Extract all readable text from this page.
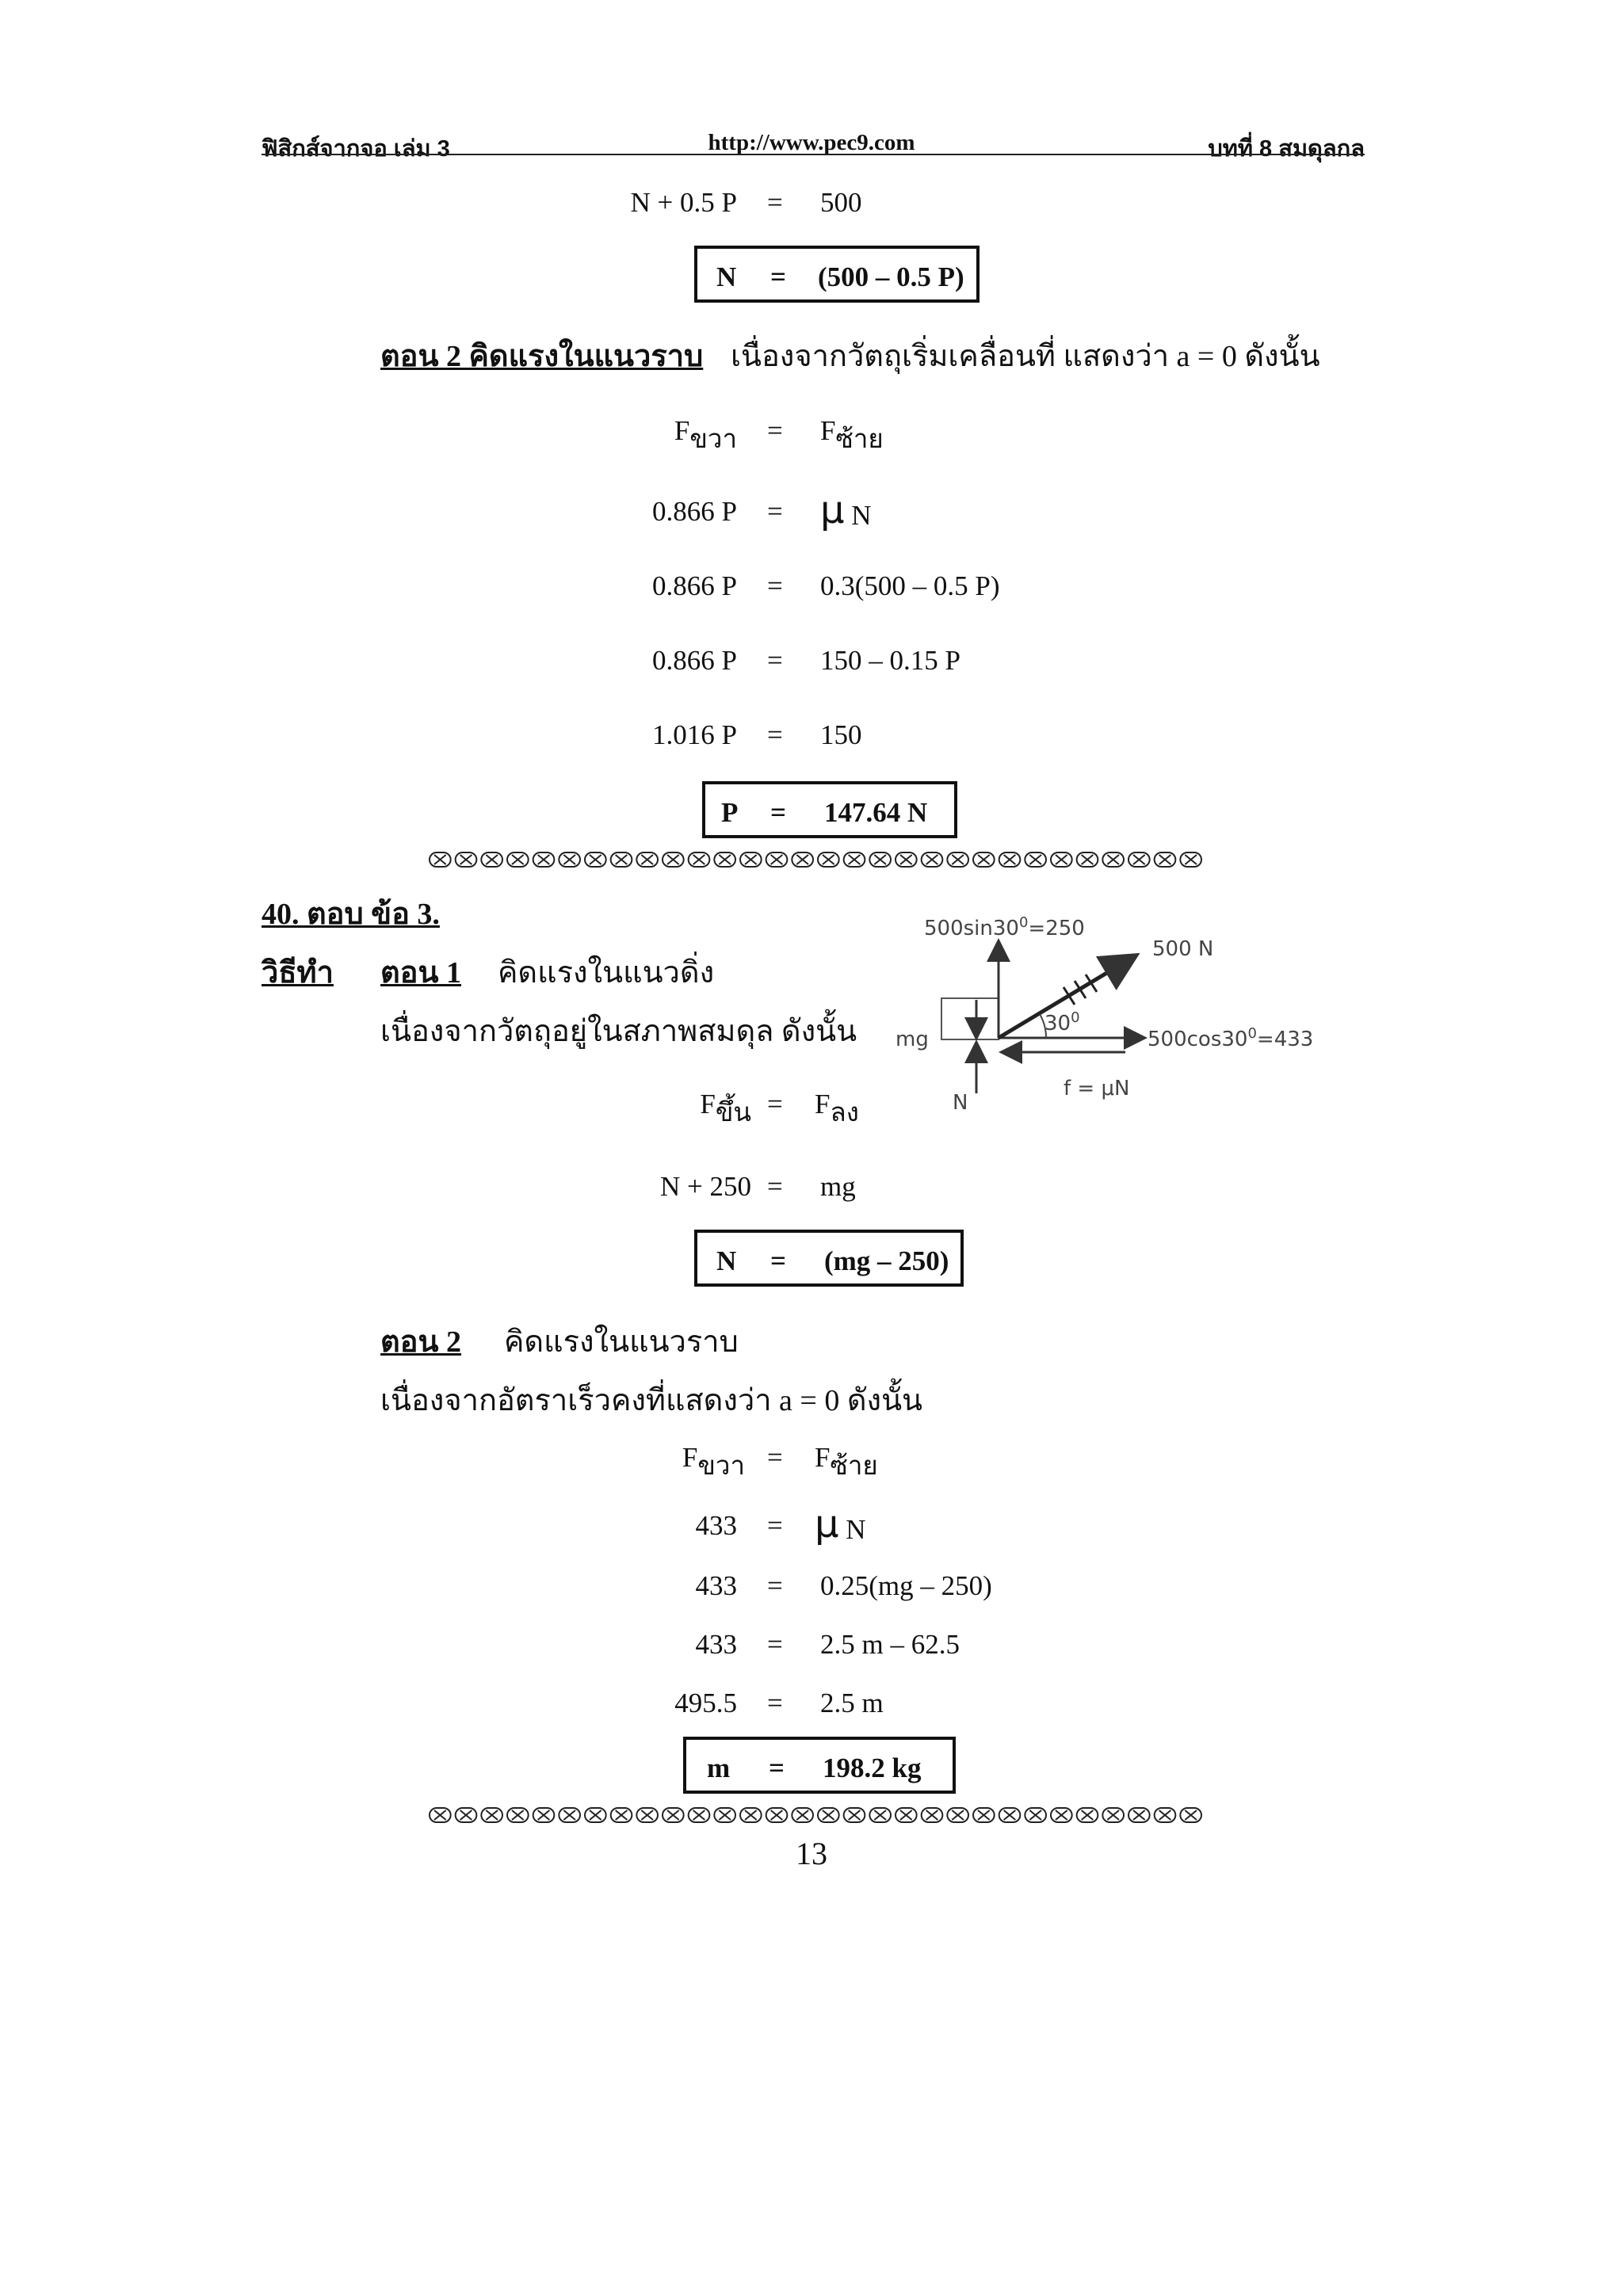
ฟิสิกส์จากจอ เล่ม 3	http://www.pec9.com	บทที่ 8 สมดุลกล
N + 0.5 P = 500
N = (500 – 0.5 P)
ตอน 2 คิดแรงในแนวราบ เนื่องจากวัตถุเริ่มเคลื่อนที่ แสดงว่า a = 0 ดังนั้น
Fขวา = Fซ้าย
0.866 P = μ N
0.866 P = 0.3(500 – 0.5 P)
0.866 P = 150 – 0.15 P
1.016 P = 150
P = 147.64 N
40. ตอบ ข้อ 3.
วิธีทำ ตอน 1 คิดแรงในแนวดิ่ง
เนื่องจากวัตถุอยู่ในสภาพสมดุล ดังนั้น
$500\sin 30^0=250$
500 N
$30^0$
$500\cos 30^0=433$
mg
N
f = μN
Fขึ้น = Fลง
N + 250 = mg
N = (mg – 250)
ตอน 2 คิดแรงในแนวราบ
เนื่องจากอัตราเร็วคงที่แสดงว่า a = 0 ดังนั้น
Fขวา = Fซ้าย
433 = μ N
433 = 0.25(mg – 250)
433 = 2.5 m – 62.5
495.5 = 2.5 m
m = 198.2 kg
13
